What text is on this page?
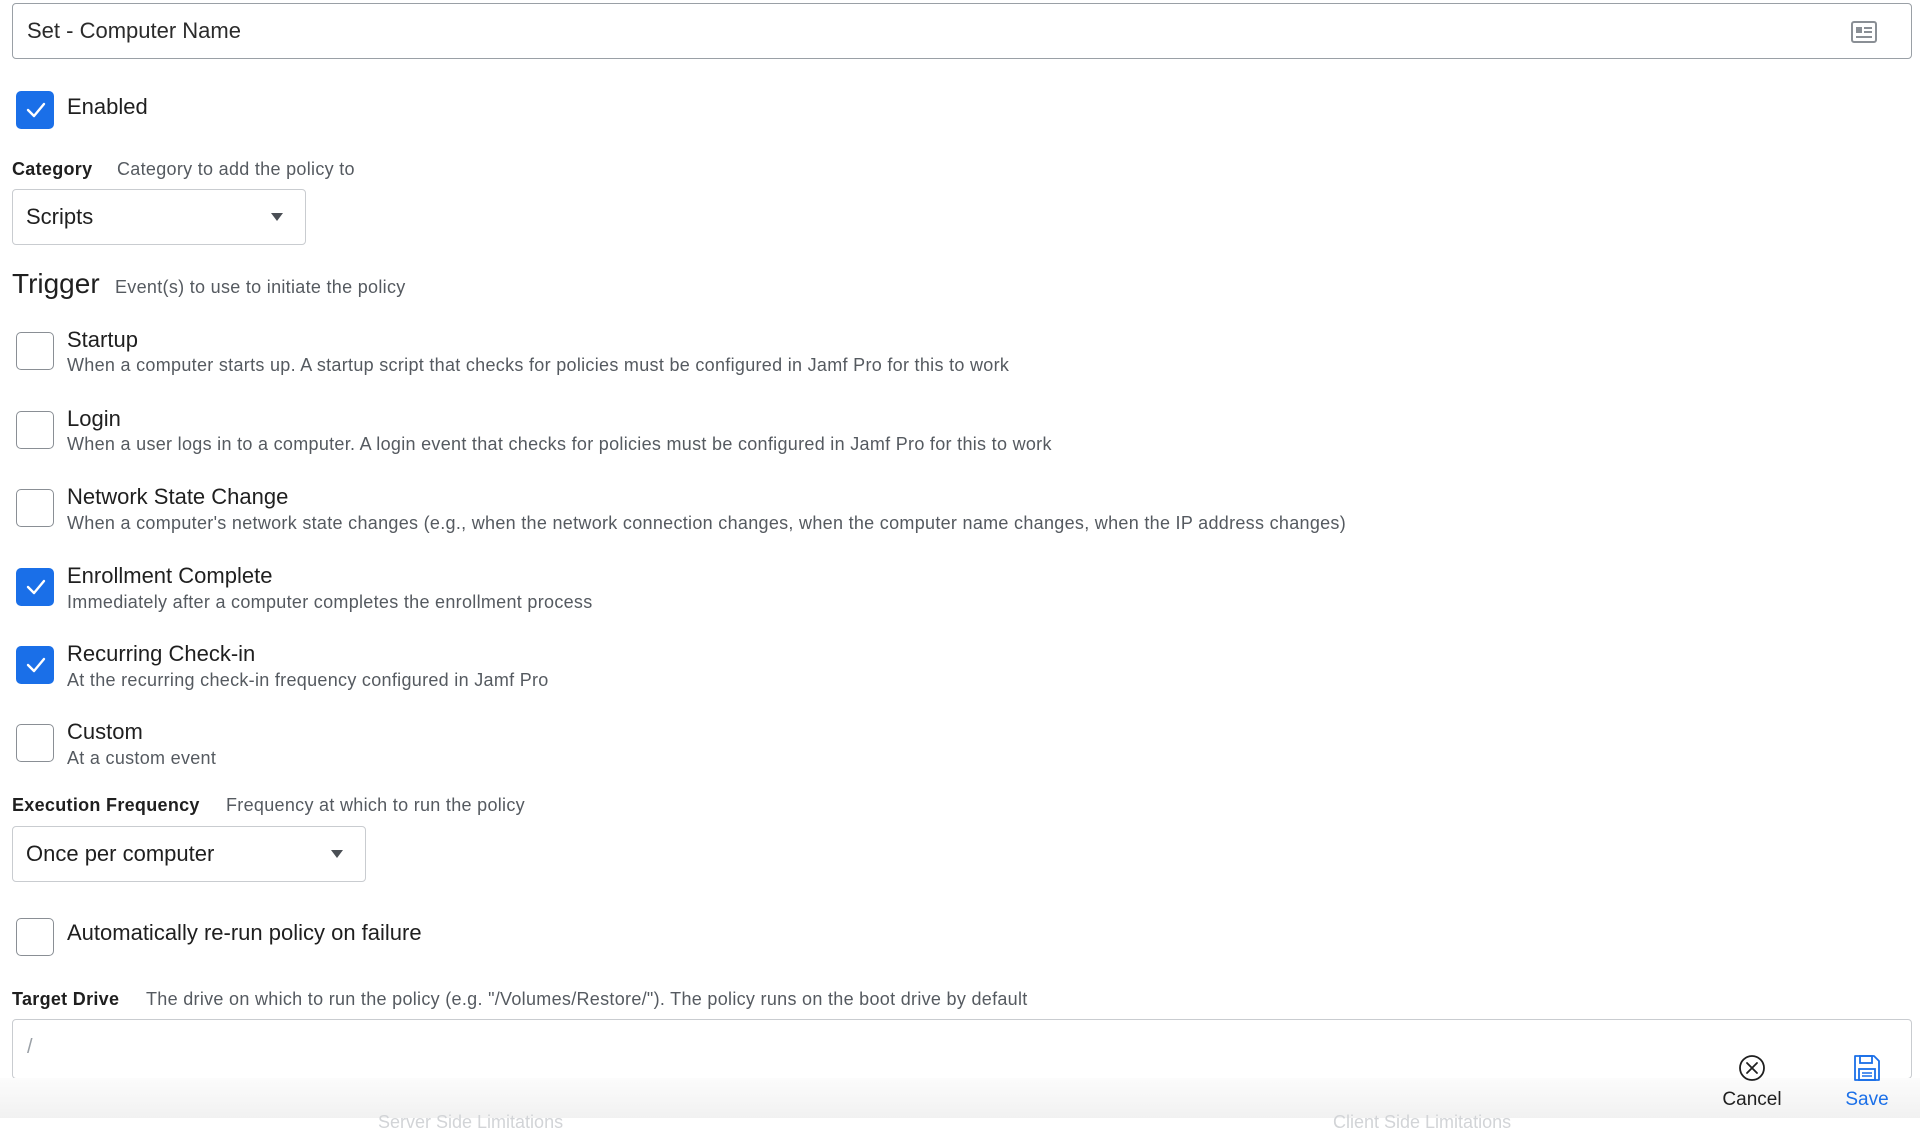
Set - Computer Name
Enabled
Category Category to add the policy to
Scripts
Trigger Event(s) to use to initiate the policy
Startup
When a computer starts up. A startup script that checks for policies must be configured in Jamf Pro for this to work
Login
When a user logs in to a computer. A login event that checks for policies must be configured in Jamf Pro for this to work
Network State Change
When a computer's network state changes (e.g., when the network connection changes, when the computer name changes, when the IP address changes)
Enrollment Complete
Immediately after a computer completes the enrollment process
Recurring Check-in
At the recurring check-in frequency configured in Jamf Pro
Custom
At a custom event
Execution Frequency Frequency at which to run the policy
Once per computer
Automatically re-run policy on failure
Target Drive The drive on which to run the policy (e.g. "/Volumes/Restore/"). The policy runs on the boot drive by default
/
Server Side Limitations	Client Side Limitations
Cancel	Save
